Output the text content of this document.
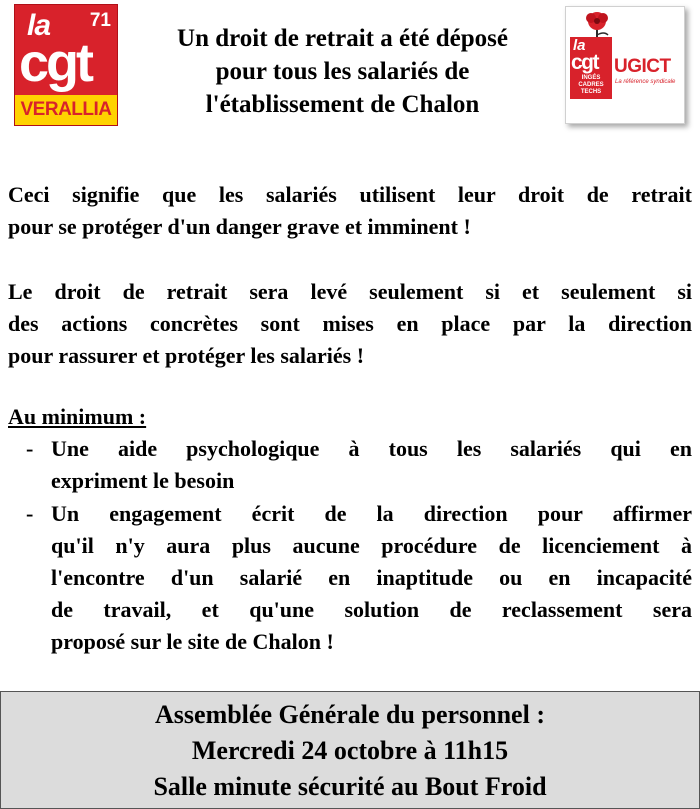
la 71
cgt
VERALLIA
Un droit de retrait a été déposé
pour tous les salariés de
l'établissement de Chalon
la
cgt
INGÉS
CADRES
TECHS
UGICT
La référence syndicale
Ceci signifie que les salariés utilisent leur droit de retrait
pour se protéger d'un danger grave et imminent !
Le droit de retrait sera levé seulement si et seulement si
des actions concrètes sont mises en place par la direction
pour rassurer et protéger les salariés !
Au minimum :
- Une aide psychologique à tous les salariés qui en
expriment le besoin
- Un engagement écrit de la direction pour affirmer
qu'il n'y aura plus aucune procédure de licenciement à
l'encontre d'un salarié en inaptitude ou en incapacité
de travail, et qu'une solution de reclassement sera
proposé sur le site de Chalon !
Assemblée Générale du personnel :
Mercredi 24 octobre à 11h15
Salle minute sécurité au Bout Froid
